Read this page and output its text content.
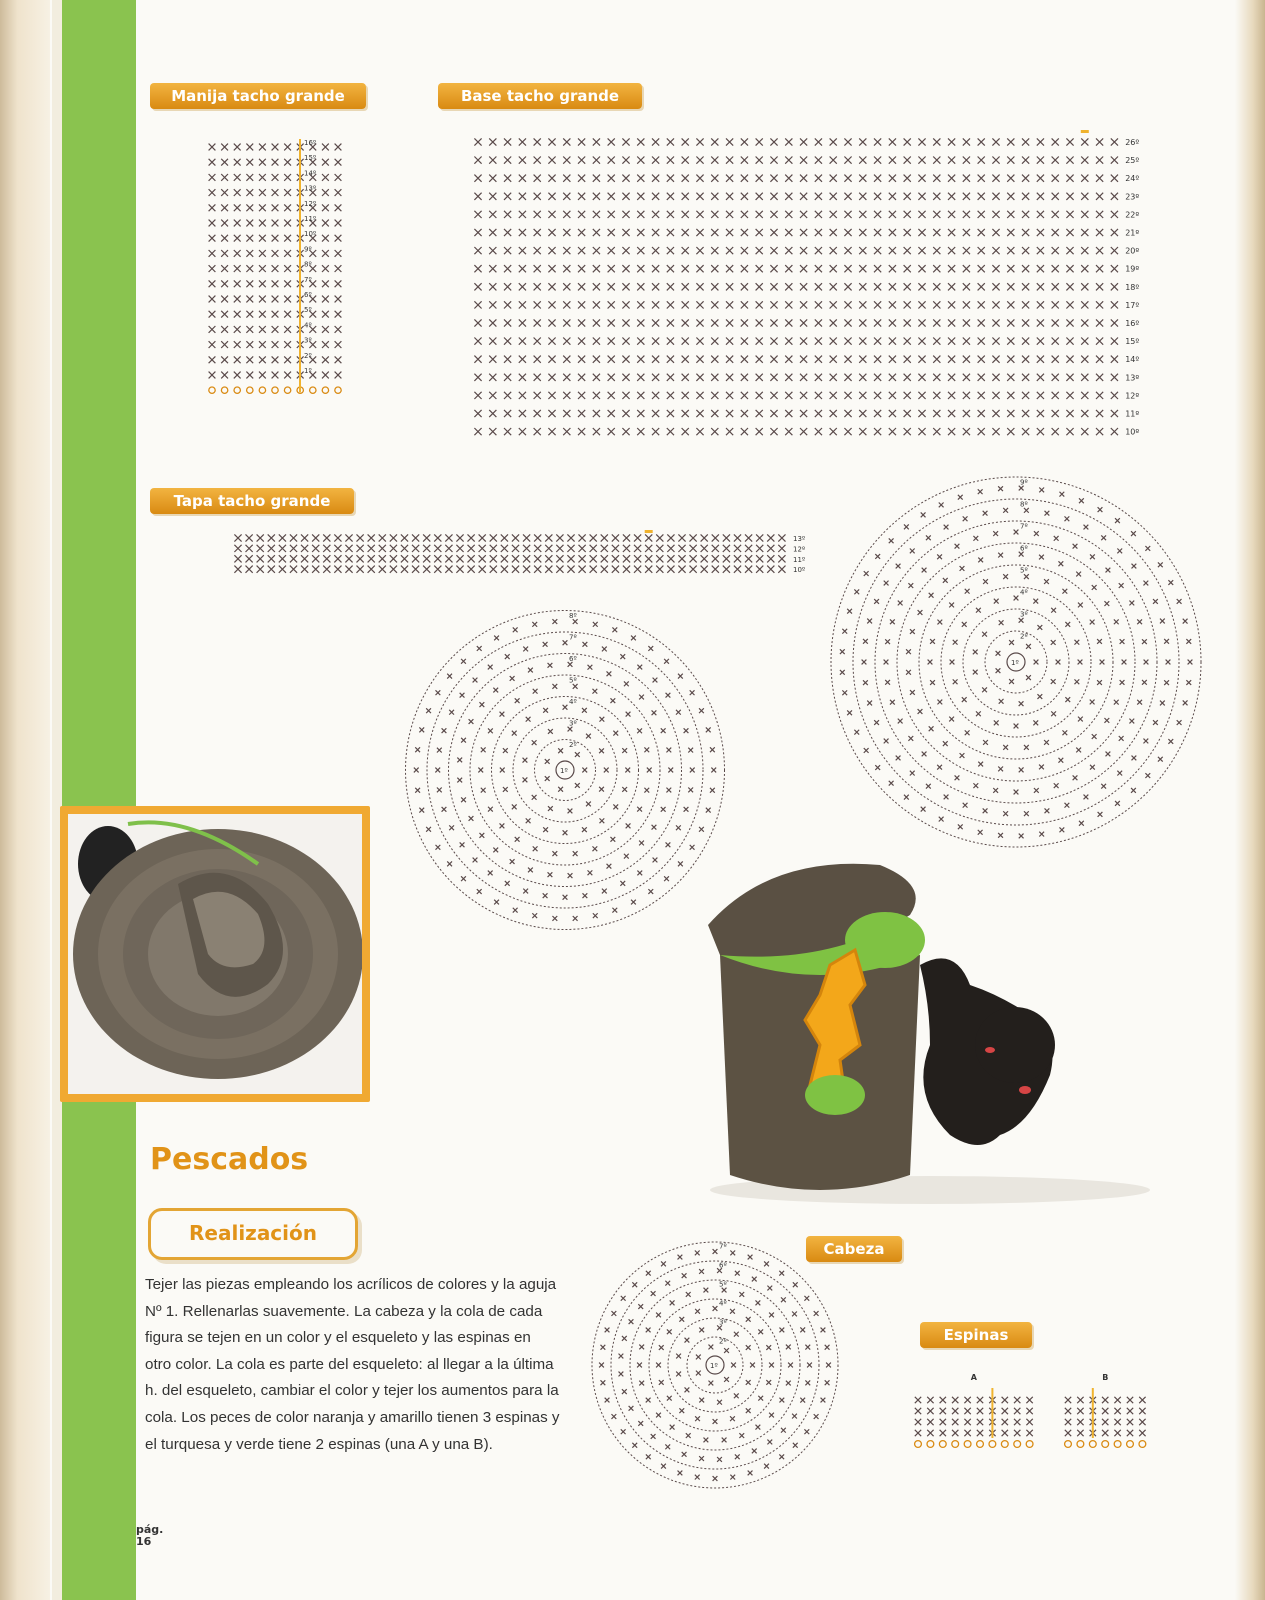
Manija tacho grande	Base tacho grande
Tapa tacho grande
Cabeza
Espinas
16º
15º
14º
13º
12º
11º
10º
9º
8º
7º
6º
5º
4º
3º
2º
1º
26º
25º
24º
23º
22º
21º
20º
19º
18º
17º
16º
15º
14º
13º
12º
11º
10º
13º
12º
11º
10º
1º
2º
3º
4º
5º
6º
7º
8º
1º
2º
3º
4º
5º
6º
7º
8º
9º
1º
2º
3º
4º
5º
6º
7º
A	B
Pescados
Realización
Tejer las piezas empleando los acrílicos de colores y la aguja Nº 1. Rellenarlas suavemente. La cabeza y la cola de cada figura se tejen en un color y el esqueleto y las espinas en otro color. La cola es parte del esqueleto: al llegar a la última h. del esqueleto, cambiar el color y tejer los aumentos para la cola. Los peces de color naranja y amarillo tienen 3 espinas y el turquesa y verde tiene 2 espinas (una A y una B).
pág.
16
